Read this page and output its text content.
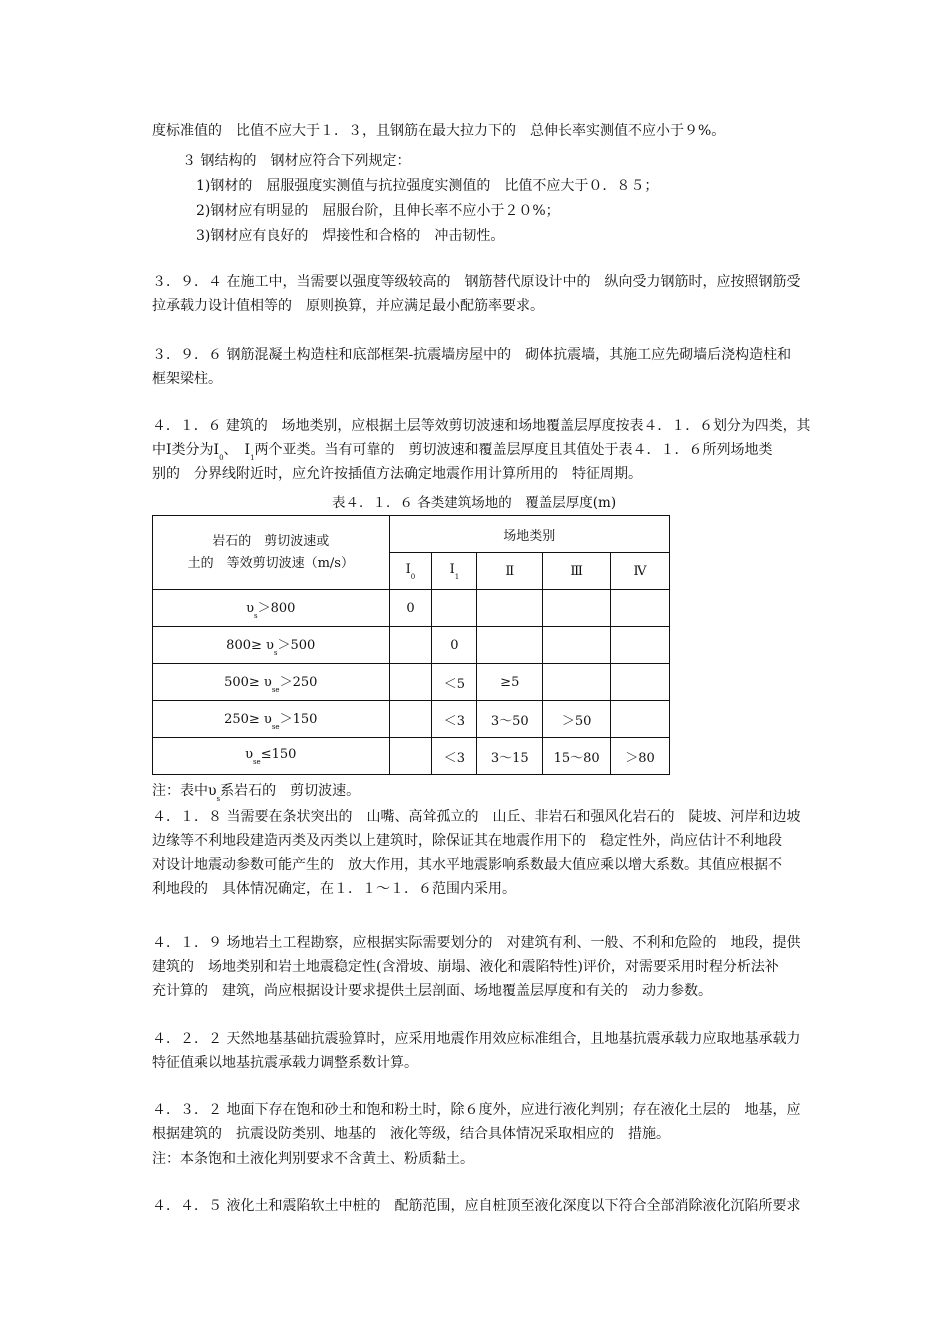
度标准值的　比值不应大于１．３，且钢筋在最大拉力下的　总伸长率实测值不应小于９%。
３ 钢结构的　钢材应符合下列规定：
1)钢材的　屈服强度实测值与抗拉强度实测值的　比值不应大于０．８５；
2)钢材应有明显的　屈服台阶，且伸长率不应小于２０%；
3)钢材应有良好的　焊接性和合格的　冲击韧性。
３．９．４ 在施工中，当需要以强度等级较高的　钢筋替代原设计中的　纵向受力钢筋时，应按照钢筋受
拉承载力设计值相等的　原则换算，并应满足最小配筋率要求。
３．９．６ 钢筋混凝土构造柱和底部框架-抗震墙房屋中的　砌体抗震墙，其施工应先砌墙后浇构造柱和
框架梁柱。
４．１．６ 建筑的　场地类别，应根据土层等效剪切波速和场地覆盖层厚度按表４．１．６划分为四类，其
中Ⅰ类分为$Ⅰ_0$、　$Ⅰ_1$两个亚类。当有可靠的　剪切波速和覆盖层厚度且其值处于表４．１．６所列场地类
别的　分界线附近时，应允许按插值方法确定地震作用计算所用的　特征周期。
表４．１．６ 各类建筑场地的　覆盖层厚度(m)
岩石的　剪切波速或
土的　等效剪切波速（m/s）	场地类别				
	$Ⅰ_0$	$Ⅰ_1$	Ⅱ	Ⅲ	Ⅳ
$\upsilon_s>800$	0				
$800\ge \upsilon_s>500$		0			
$500\ge \upsilon_{se}>250$		＜5	≥5		
$250\ge \upsilon_{se}>150$		＜3	3～50	＞50	
$\upsilon_{se}\le 150$		＜3	3～15	15～80	＞80
注：表中$\upsilon_s$系岩石的　剪切波速。
４．１．８ 当需要在条状突出的　山嘴、高耸孤立的　山丘、非岩石和强风化岩石的　陡坡、河岸和边坡
边缘等不利地段建造丙类及丙类以上建筑时，除保证其在地震作用下的　稳定性外，尚应估计不利地段
对设计地震动参数可能产生的　放大作用，其水平地震影响系数最大值应乘以增大系数。其值应根据不
利地段的　具体情况确定，在１．１～１．６范围内采用。
４．１．９ 场地岩土工程勘察，应根据实际需要划分的　对建筑有利、一般、不利和危险的　地段，提供
建筑的　场地类别和岩土地震稳定性(含滑坡、崩塌、液化和震陷特性)评价，对需要采用时程分析法补
充计算的　建筑，尚应根据设计要求提供土层剖面、场地覆盖层厚度和有关的　动力参数。
４．２．２ 天然地基基础抗震验算时，应采用地震作用效应标准组合，且地基抗震承载力应取地基承载力
特征值乘以地基抗震承载力调整系数计算。
４．３．２ 地面下存在饱和砂土和饱和粉土时，除６度外，应进行液化判别；存在液化土层的　地基，应
根据建筑的　抗震设防类别、地基的　液化等级，结合具体情况采取相应的　措施。
注：本条饱和土液化判别要求不含黄土、粉质黏土。
４．４．５ 液化土和震陷软土中桩的　配筋范围，应自桩顶至液化深度以下符合全部消除液化沉陷所要求
